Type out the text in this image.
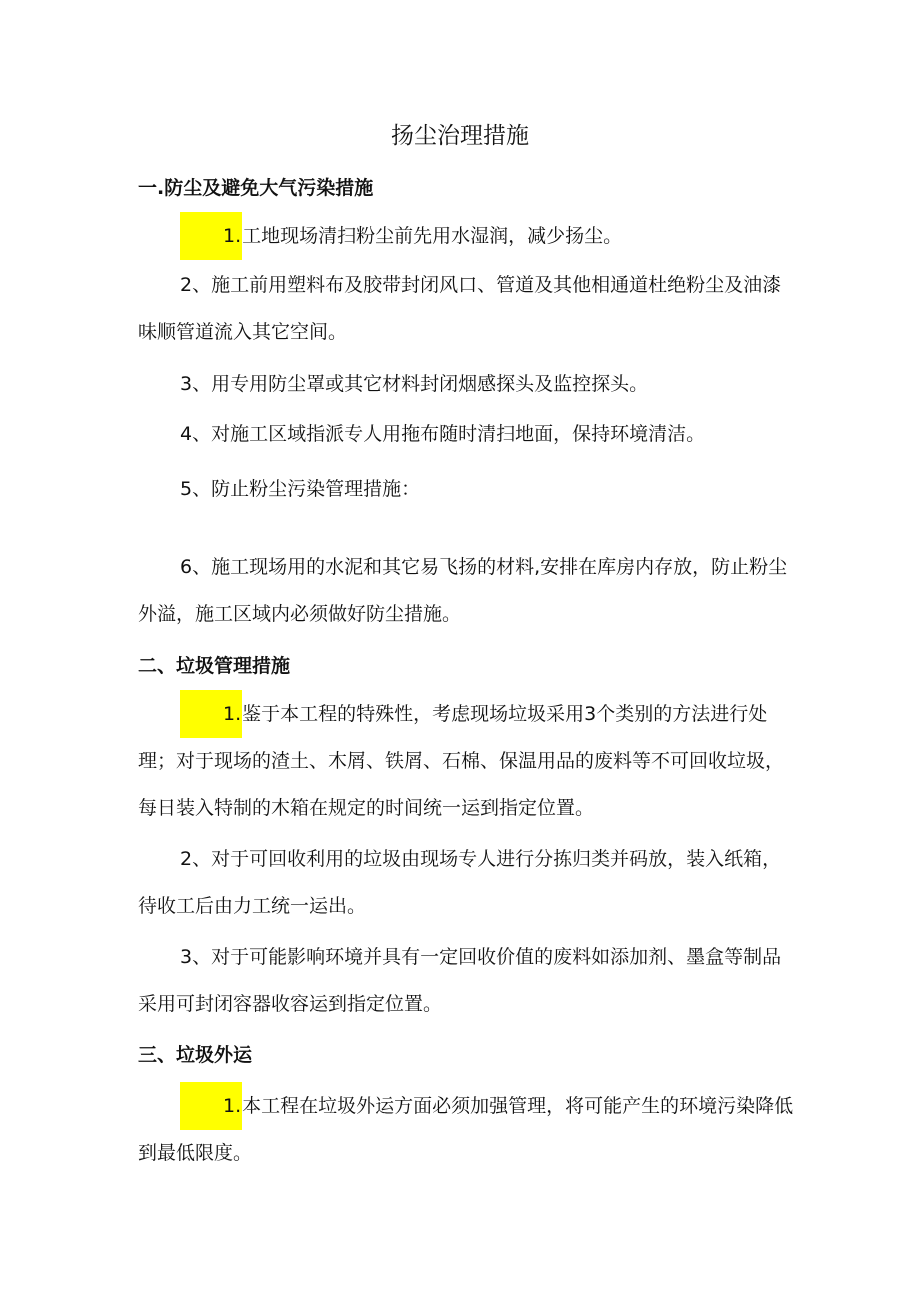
扬尘治理措施
一.防尘及避免大气污染措施

1.工地现场清扫粉尘前先用水湿润，减少扬尘。

2、施工前用塑料布及胶带封闭风口、管道及其他相通道杜绝粉尘及油漆味顺管道流入其它空间。

3、用专用防尘罩或其它材料封闭烟感探头及监控探头。

4、对施工区域指派专人用拖布随时清扫地面，保持环境清洁。

5、防止粉尘污染管理措施：

6、施工现场用的水泥和其它易飞扬的材料,安排在库房内存放，防止粉尘外溢，施工区域内必须做好防尘措施。

二、垃圾管理措施

1.鉴于本工程的特殊性，考虑现场垃圾采用3个类别的方法进行处理；对于现场的渣土、木屑、铁屑、石棉、保温用品的废料等不可回收垃圾，每日装入特制的木箱在规定的时间统一运到指定位置。

2、对于可回收利用的垃圾由现场专人进行分拣归类并码放，装入纸箱，待收工后由力工统一运出。

3、对于可能影响环境并具有一定回收价值的废料如添加剂、墨盒等制品采用可封闭容器收容运到指定位置。

三、垃圾外运

1.本工程在垃圾外运方面必须加强管理，将可能产生的环境污染降低到最低限度。
